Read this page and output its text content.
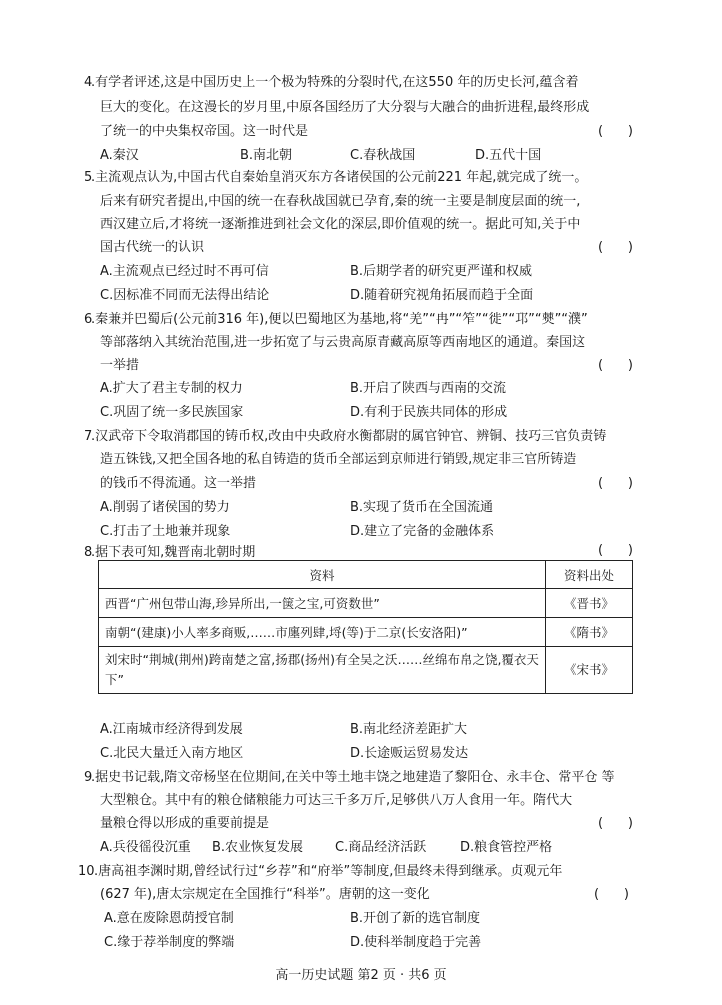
4
.有学者评述,这是中国历史上一个极为特殊的分裂时代,在这550 年的历史长河,蕴含着
巨大的变化。在这漫长的岁月里,中原各国经历了大分裂与大融合的曲折进程,最终形成
了统一的中央集权帝国。这一时代是	(      )
A.秦汉	B.南北朝	C.春秋战国	D.五代十国
5
.主流观点认为,中国古代自秦始皇消灭东方各诸侯国的公元前221 年起,就完成了统一。
后来有研究者提出,中国的统一在春秋战国就已孕育,秦的统一主要是制度层面的统一,
西汉建立后,才将统一逐渐推进到社会文化的深层,即价值观的统一。据此可知,关于中
国古代统一的认识	(      )
A.主流观点已经过时不再可信	B.后期学者的研究更严谨和权威
C.因标准不同而无法得出结论	D.随着研究视角拓展而趋于全面
6
.秦兼并巴蜀后(公元前316 年),便以巴蜀地区为基地,将“羌”“冉”“笮”“徙”“邛”“僰”“濮”
等部落纳入其统治范围,进一步拓宽了与云贵高原青藏高原等西南地区的通道。秦国这
一举措	(      )
A.扩大了君主专制的权力	B.开启了陕西与西南的交流
C.巩固了统一多民族国家	D.有利于民族共同体的形成
7
.汉武帝下令取消郡国的铸币权,改由中央政府水衡都尉的属官钟官、辨铜、技巧三官负责铸
造五铢钱,又把全国各地的私自铸造的货币全部运到京师进行销毁,规定非三官所铸造
的钱币不得流通。这一举措	(      )
A.削弱了诸侯国的势力	B.实现了货币在全国流通
C.打击了土地兼并现象	D.建立了完备的金融体系
8
.据下表可知,魏晋南北朝时期	(      )
资料	资料出处
西晋“广州包带山海,珍异所出,一箧之宝,可资数世”	《晋书》
南朝“(建康)小人率多商贩,……市廛列肆,埒(等)于二京(长安洛阳)”	《隋书》
刘宋时“荆城(荆州)跨南楚之富,扬郡(扬州)有全吴之沃……丝绵布帛之饶,覆衣天下”	《宋书》
A.江南城市经济得到发展	B.南北经济差距扩大
C.北民大量迁入南方地区	D.长途贩运贸易发达
9
.据史书记载,隋文帝杨坚在位期间,在关中等土地丰饶之地建造了黎阳仓、永丰仓、常平仓 等
大型粮仓。其中有的粮仓储粮能力可达三千多万斤,足够供八万人食用一年。隋代大
量粮仓得以形成的重要前提是	(      )
A.兵役徭役沉重 B.农业恢复发展 C.商品经济活跃	D.粮食管控严格
10 .唐高祖李渊时期,曾经试行过“乡荐”和“府举”等制度,但最终未得到继承。贞观元年
(627 年),唐太宗规定在全国推行“科举”。唐朝的这一变化	(      )
A.意在废除恩荫授官制	B.开创了新的选官制度
C.缘于荐举制度的弊端	D.使科举制度趋于完善
高一历史试题 第2 页 · 共6 页
